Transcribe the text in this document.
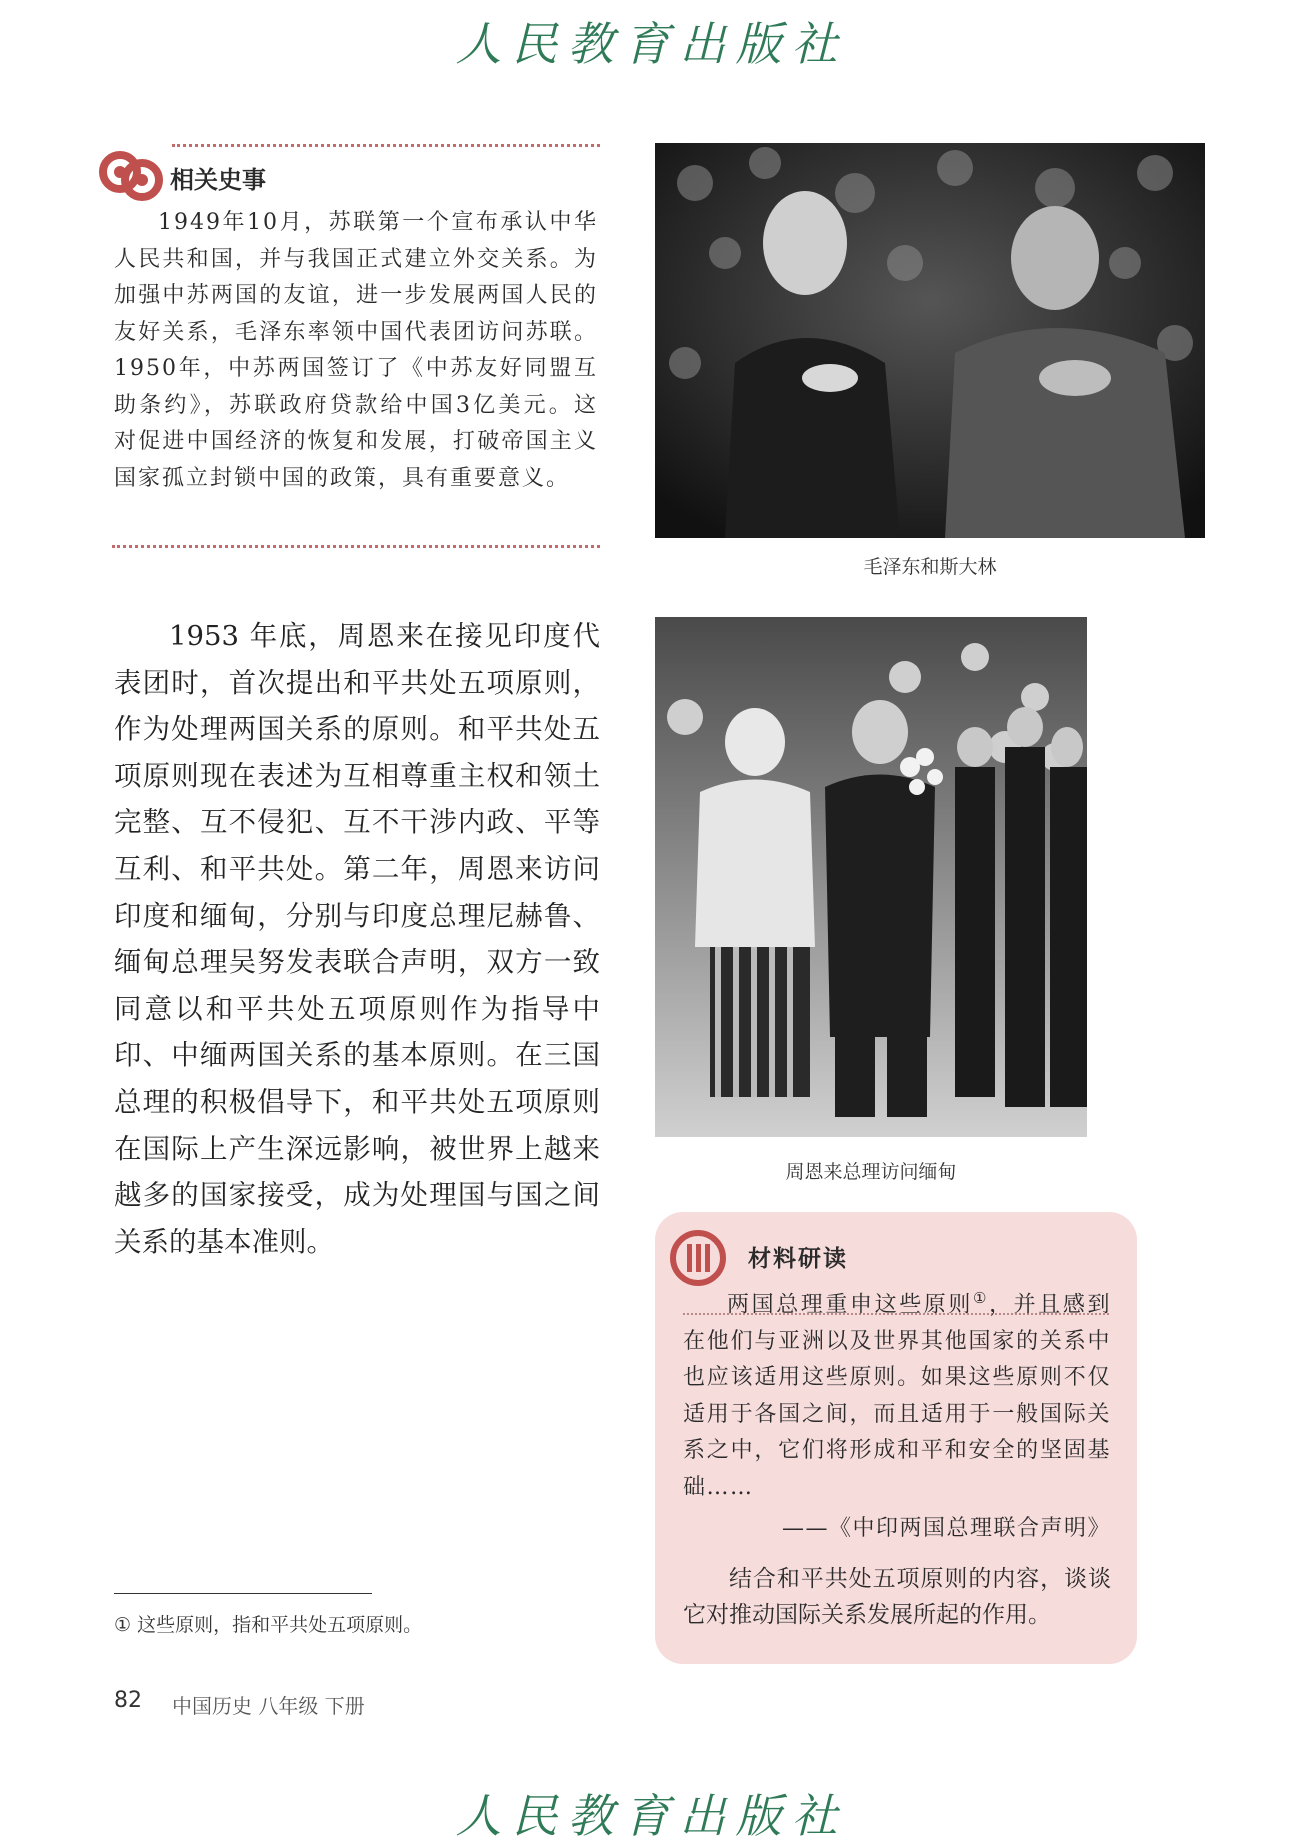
人民教育出版社
相关史事
1949年10月，苏联第一个宣布承认中华人民共和国，并与我国正式建立外交关系。为加强中苏两国的友谊，进一步发展两国人民的友好关系，毛泽东率领中国代表团访问苏联。1950年，中苏两国签订了《中苏友好同盟互助条约》，苏联政府贷款给中国3亿美元。这对促进中国经济的恢复和发展，打破帝国主义国家孤立封锁中国的政策，具有重要意义。
1953 年底，周恩来在接见印度代表团时，首次提出和平共处五项原则，作为处理两国关系的原则。和平共处五项原则现在表述为互相尊重主权和领土完整、互不侵犯、互不干涉内政、平等互利、和平共处。第二年，周恩来访问印度和缅甸，分别与印度总理尼赫鲁、缅甸总理吴努发表联合声明，双方一致同意以和平共处五项原则作为指导中印、中缅两国关系的基本原则。在三国总理的积极倡导下，和平共处五项原则在国际上产生深远影响，被世界上越来越多的国家接受，成为处理国与国之间关系的基本准则。
毛泽东和斯大林
周恩来总理访问缅甸
材料研读
两国总理重申这些原则①，并且感到在他们与亚洲以及世界其他国家的关系中也应该适用这些原则。如果这些原则不仅适用于各国之间，而且适用于一般国际关系之中，它们将形成和平和安全的坚固基础……
——《中印两国总理联合声明》
结合和平共处五项原则的内容，谈谈它对推动国际关系发展所起的作用。
① 这些原则，指和平共处五项原则。
82 中国历史 八年级 下册
人民教育出版社
